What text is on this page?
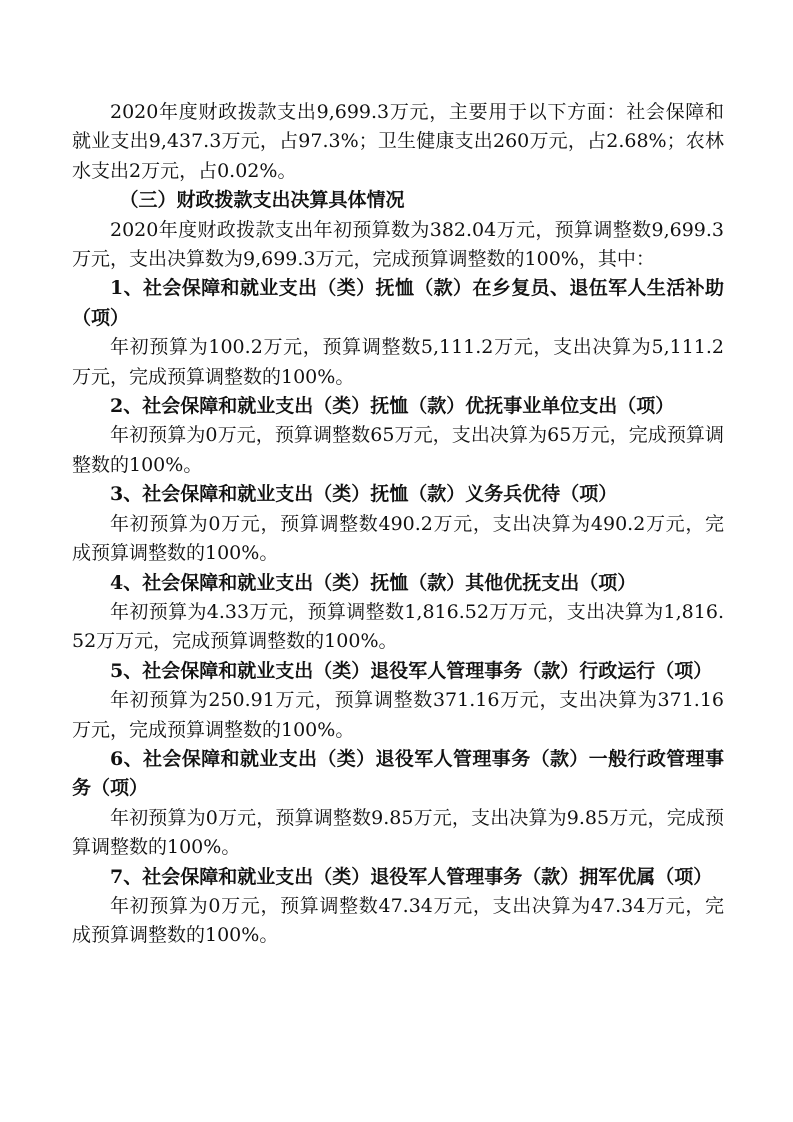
2020年度财政拨款支出9,699.3万元，主要用于以下方面：社会保障和就业支出9,437.3万元，占97.3%；卫生健康支出260万元，占2.68%；农林水支出2万元，占0.02%。

（三）财政拨款支出决算具体情况

2020年度财政拨款支出年初预算数为382.04万元，预算调整数9,699.3万元，支出决算数为9,699.3万元，完成预算调整数的100%，其中：

1、社会保障和就业支出（类）抚恤（款）在乡复员、退伍军人生活补助（项）

年初预算为100.2万元，预算调整数5,111.2万元，支出决算为5,111.2万元，完成预算调整数的100%。

2、社会保障和就业支出（类）抚恤（款）优抚事业单位支出（项）

年初预算为0万元，预算调整数65万元，支出决算为65万元，完成预算调整数的100%。

3、社会保障和就业支出（类）抚恤（款）义务兵优待（项）

年初预算为0万元，预算调整数490.2万元，支出决算为490.2万元，完成预算调整数的100%。

4、社会保障和就业支出（类）抚恤（款）其他优抚支出（项）

年初预算为4.33万元，预算调整数1,816.52万万元，支出决算为1,816.52万万元，完成预算调整数的100%。

5、社会保障和就业支出（类）退役军人管理事务（款）行政运行（项）

年初预算为250.91万元，预算调整数371.16万元，支出决算为371.16万元，完成预算调整数的100%。

6、社会保障和就业支出（类）退役军人管理事务（款）一般行政管理事务（项）

年初预算为0万元，预算调整数9.85万元，支出决算为9.85万元，完成预算调整数的100%。

7、社会保障和就业支出（类）退役军人管理事务（款）拥军优属（项）

年初预算为0万元，预算调整数47.34万元，支出决算为47.34万元，完成预算调整数的100%。
